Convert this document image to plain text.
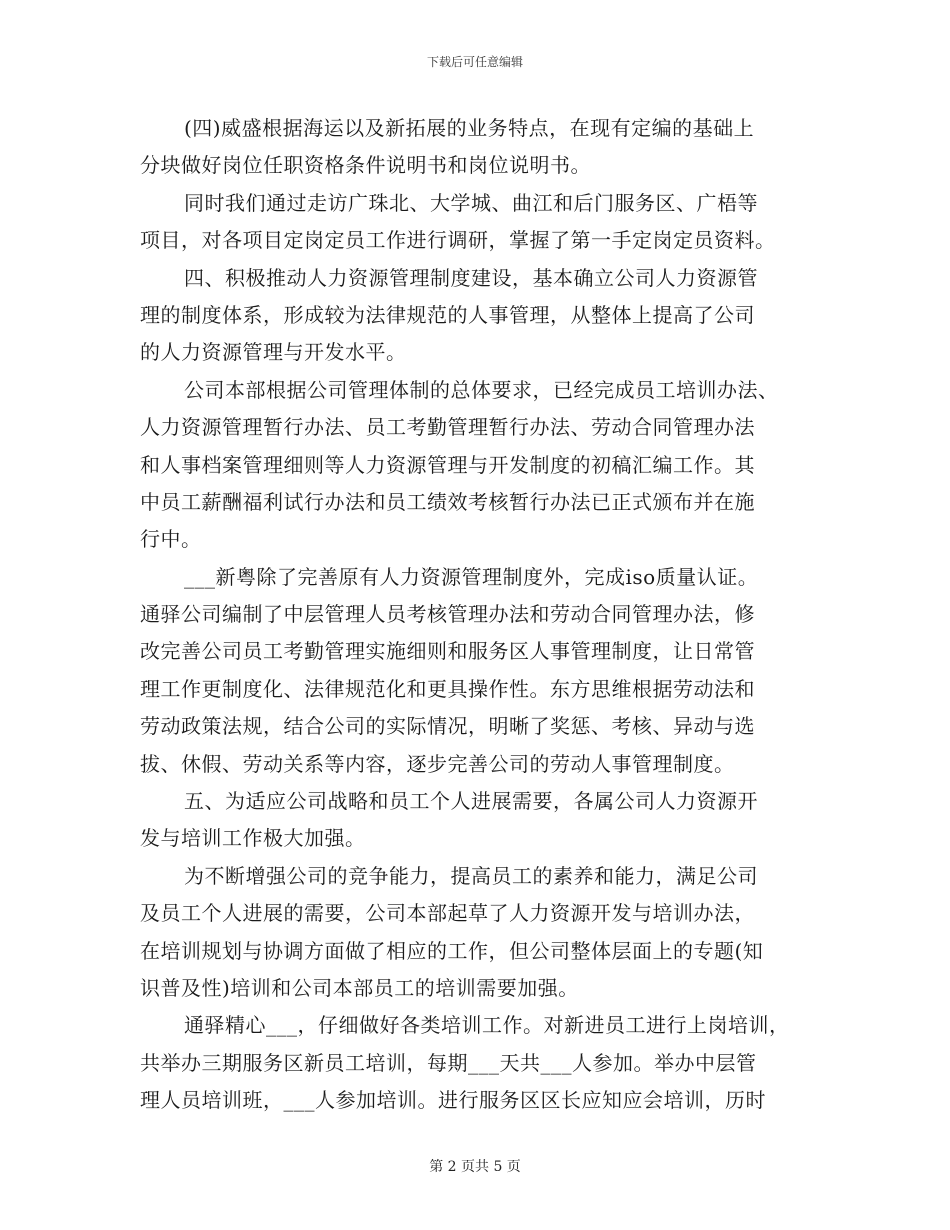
下载后可任意编辑
(四)威盛根据海运以及新拓展的业务特点，在现有定编的基础上
分块做好岗位任职资格条件说明书和岗位说明书。
同时我们通过走访广珠北、大学城、曲江和后门服务区、广梧等
项目，对各项目定岗定员工作进行调研，掌握了第一手定岗定员资料。
四、积极推动人力资源管理制度建设，基本确立公司人力资源管
理的制度体系，形成较为法律规范的人事管理，从整体上提高了公司
的人力资源管理与开发水平。
公司本部根据公司管理体制的总体要求，已经完成员工培训办法、
人力资源管理暂行办法、员工考勤管理暂行办法、劳动合同管理办法
和人事档案管理细则等人力资源管理与开发制度的初稿汇编工作。其
中员工薪酬福利试行办法和员工绩效考核暂行办法已正式颁布并在施
行中。
___新粤除了完善原有人力资源管理制度外，完成iso质量认证。
通驿公司编制了中层管理人员考核管理办法和劳动合同管理办法，修
改完善公司员工考勤管理实施细则和服务区人事管理制度，让日常管
理工作更制度化、法律规范化和更具操作性。东方思维根据劳动法和
劳动政策法规，结合公司的实际情况，明晰了奖惩、考核、异动与选
拔、休假、劳动关系等内容，逐步完善公司的劳动人事管理制度。
五、为适应公司战略和员工个人进展需要，各属公司人力资源开
发与培训工作极大加强。
为不断增强公司的竞争能力，提高员工的素养和能力，满足公司
及员工个人进展的需要，公司本部起草了人力资源开发与培训办法，
在培训规划与协调方面做了相应的工作，但公司整体层面上的专题(知
识普及性)培训和公司本部员工的培训需要加强。
通驿精心___，仔细做好各类培训工作。对新进员工进行上岗培训，
共举办三期服务区新员工培训，每期___天共___人参加。举办中层管
理人员培训班，___人参加培训。进行服务区区长应知应会培训，历时
第 2 页共 5 页
